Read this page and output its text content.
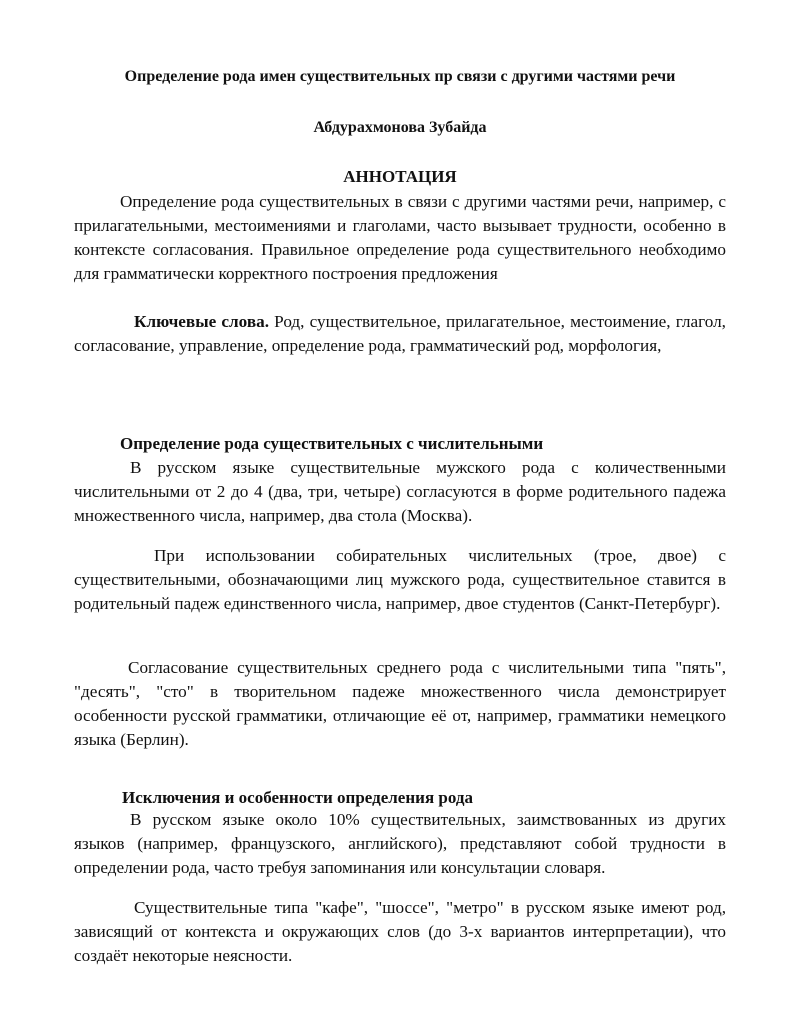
Определение рода имен существительных пр связи с другими частями речи
Абдурахмонова Зубайда
АННОТАЦИЯ

Определение рода существительных в связи с другими частями речи, например, с прилагательными, местоимениями и глаголами, часто вызывает трудности, особенно в контексте согласования. Правильное определение рода существительного необходимо для грамматически корректного построения предложения

Ключевые слова. Род, существительное, прилагательное, местоимение, глагол, согласование, управление, определение рода, грамматический род, морфология,

Определение рода существительных с числительными

В русском языке существительные мужского рода с количественными числительными от 2 до 4 (два, три, четыре) согласуются в форме родительного падежа множественного числа, например, два стола (Москва).

При использовании собирательных числительных (трое, двое) с существительными, обозначающими лиц мужского рода, существительное ставится в родительный падеж единственного числа, например, двое студентов (Санкт-Петербург).

Согласование существительных среднего рода с числительными типа "пять", "десять", "сто" в творительном падеже множественного числа демонстрирует особенности русской грамматики, отличающие её от, например, грамматики немецкого языка (Берлин).

Исключения и особенности определения рода

В русском языке около 10% существительных, заимствованных из других языков (например, французского, английского), представляют собой трудности в определении рода, часто требуя запоминания или консультации словаря.

Существительные типа "кафе", "шоссе", "метро" в русском языке имеют род, зависящий от контекста и окружающих слов (до 3-х вариантов интерпретации), что создаёт некоторые неясности.
